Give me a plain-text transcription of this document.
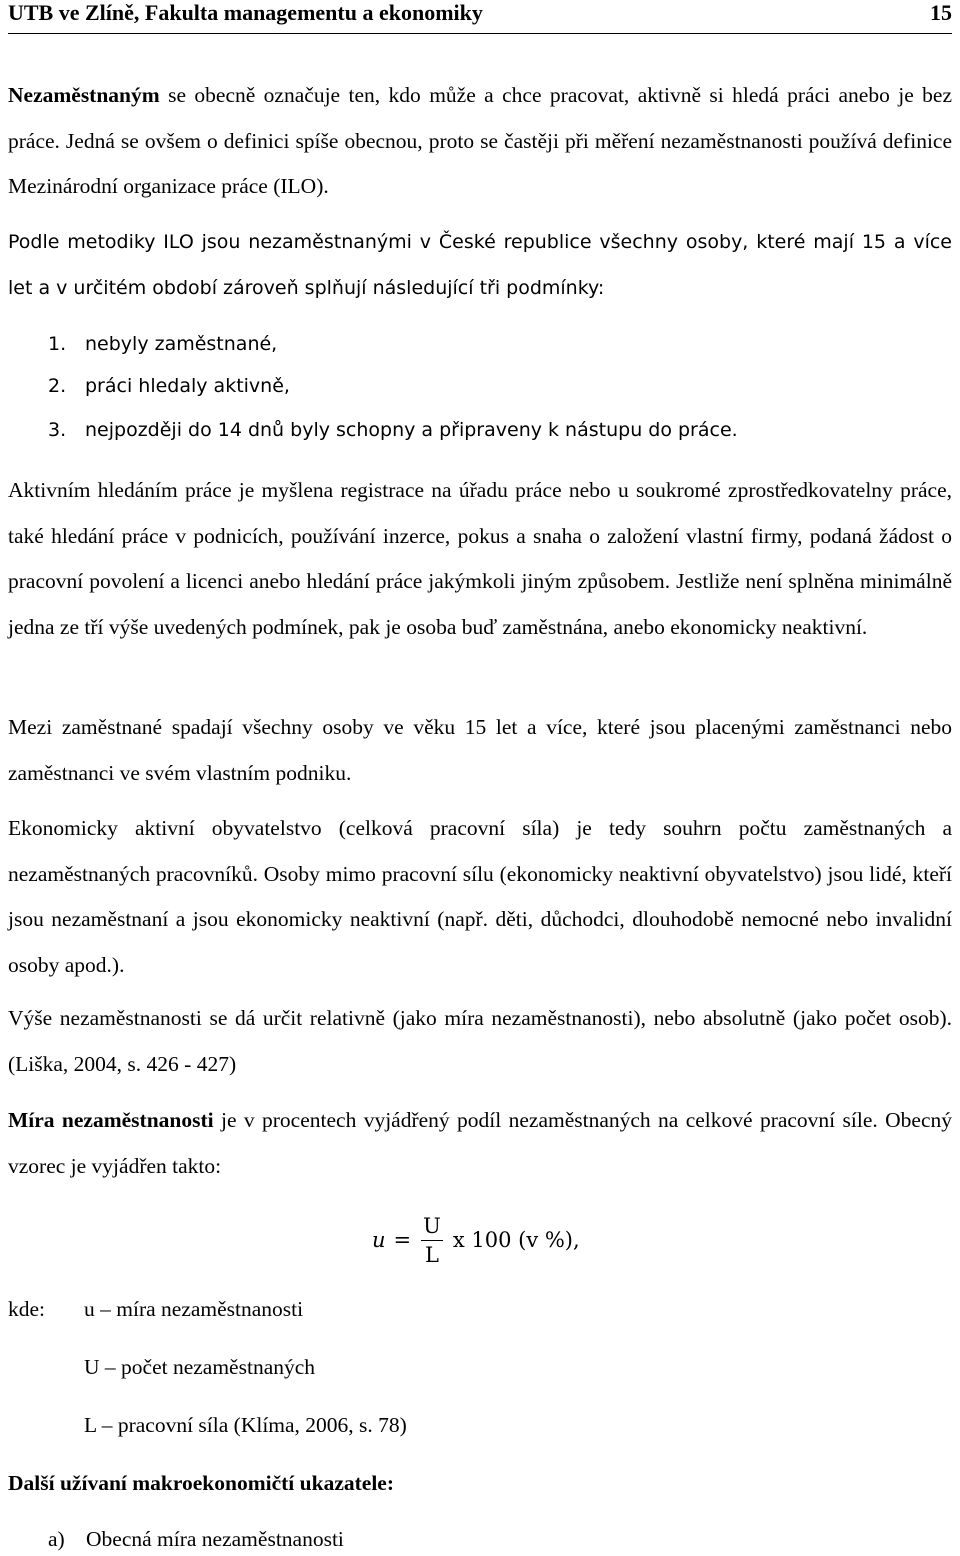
UTB ve Zlíně, Fakulta managementu a ekonomiky	15

Nezaměstnaným se obecně označuje ten, kdo může a chce pracovat, aktivně si hledá práci anebo je bez práce. Jedná se ovšem o definici spíše obecnou, proto se častěji při měření nezaměstnanosti používá definice Mezinárodní organizace práce (ILO).

Podle metodiky ILO jsou nezaměstnanými v České republice všechny osoby, které mají 15 a více let a v určitém období zároveň splňují následující tři podmínky:

1. nebyly zaměstnané,
2. práci hledaly aktivně,
3. nejpozději do 14 dnů byly schopny a připraveny k nástupu do práce.

Aktivním hledáním práce je myšlena registrace na úřadu práce nebo u soukromé zprostředkovatelny práce, také hledání práce v podnicích, používání inzerce, pokus a snaha o založení vlastní firmy, podaná žádost o pracovní povolení a licenci anebo hledání práce jakýmkoli jiným způsobem. Jestliže není splněna minimálně jedna ze tří výše uvedených podmínek, pak je osoba buď zaměstnána, anebo ekonomicky neaktivní.

Mezi zaměstnané spadají všechny osoby ve věku 15 let a více, které jsou placenými zaměstnanci nebo zaměstnanci ve svém vlastním podniku.

Ekonomicky aktivní obyvatelstvo (celková pracovní síla) je tedy souhrn počtu zaměstnaných a nezaměstnaných pracovníků. Osoby mimo pracovní sílu (ekonomicky neaktivní obyvatelstvo) jsou lidé, kteří jsou nezaměstnaní a jsou ekonomicky neaktivní (např. děti, důchodci, dlouhodobě nemocné nebo invalidní osoby apod.).

Výše nezaměstnanosti se dá určit relativně (jako míra nezaměstnanosti), nebo absolutně (jako počet osob). (Liška, 2004, s. 426 - 427)

Míra nezaměstnanosti je v procentech vyjádřený podíl nezaměstnaných na celkové pracovní síle. Obecný vzorec je vyjádřen takto:

$u = \frac{U}{L}$ x 100 (v %),
kde: u – míra nezaměstnanosti
U – počet nezaměstnaných
L – pracovní síla (Klíma, 2006, s. 78)
Další užívaní makroekonomičtí ukazatele:
a) Obecná míra nezaměstnanosti
